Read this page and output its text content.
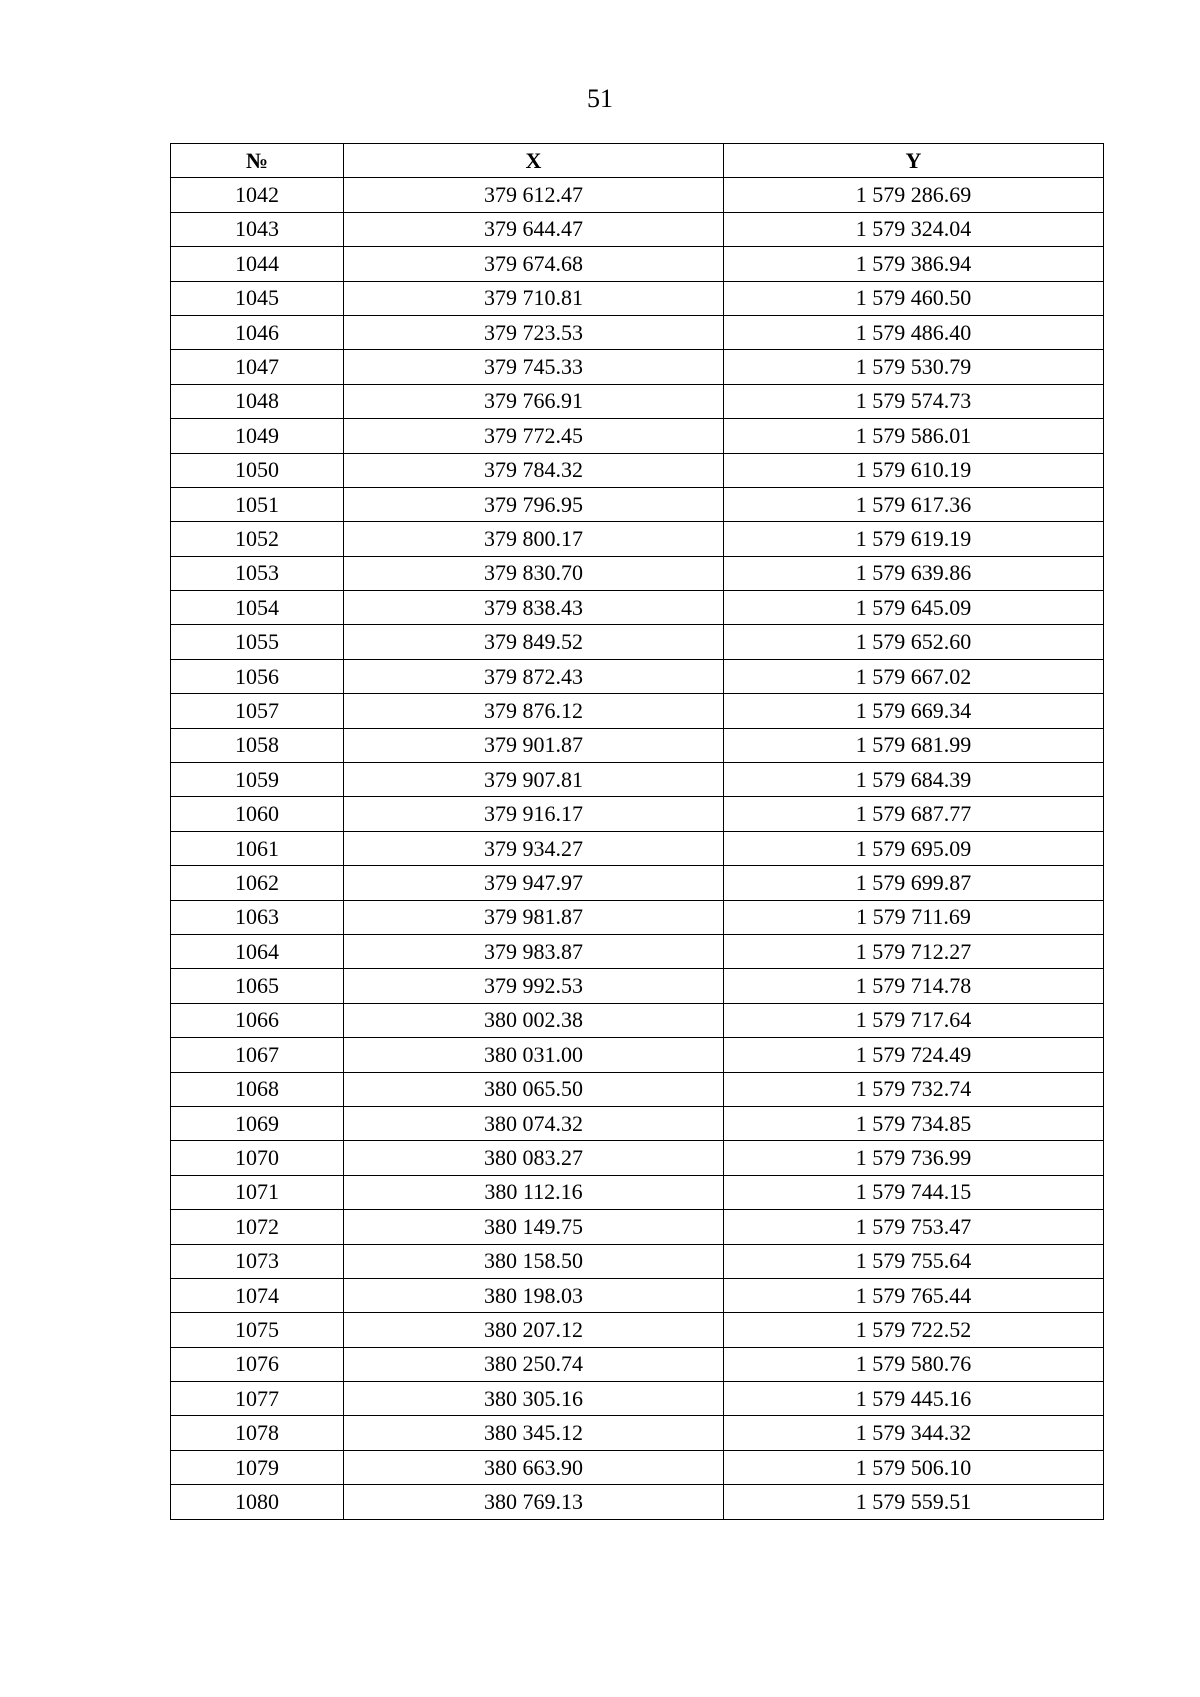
51
№	X	Y
1042	379 612.47	1 579 286.69
1043	379 644.47	1 579 324.04
1044	379 674.68	1 579 386.94
1045	379 710.81	1 579 460.50
1046	379 723.53	1 579 486.40
1047	379 745.33	1 579 530.79
1048	379 766.91	1 579 574.73
1049	379 772.45	1 579 586.01
1050	379 784.32	1 579 610.19
1051	379 796.95	1 579 617.36
1052	379 800.17	1 579 619.19
1053	379 830.70	1 579 639.86
1054	379 838.43	1 579 645.09
1055	379 849.52	1 579 652.60
1056	379 872.43	1 579 667.02
1057	379 876.12	1 579 669.34
1058	379 901.87	1 579 681.99
1059	379 907.81	1 579 684.39
1060	379 916.17	1 579 687.77
1061	379 934.27	1 579 695.09
1062	379 947.97	1 579 699.87
1063	379 981.87	1 579 711.69
1064	379 983.87	1 579 712.27
1065	379 992.53	1 579 714.78
1066	380 002.38	1 579 717.64
1067	380 031.00	1 579 724.49
1068	380 065.50	1 579 732.74
1069	380 074.32	1 579 734.85
1070	380 083.27	1 579 736.99
1071	380 112.16	1 579 744.15
1072	380 149.75	1 579 753.47
1073	380 158.50	1 579 755.64
1074	380 198.03	1 579 765.44
1075	380 207.12	1 579 722.52
1076	380 250.74	1 579 580.76
1077	380 305.16	1 579 445.16
1078	380 345.12	1 579 344.32
1079	380 663.90	1 579 506.10
1080	380 769.13	1 579 559.51
